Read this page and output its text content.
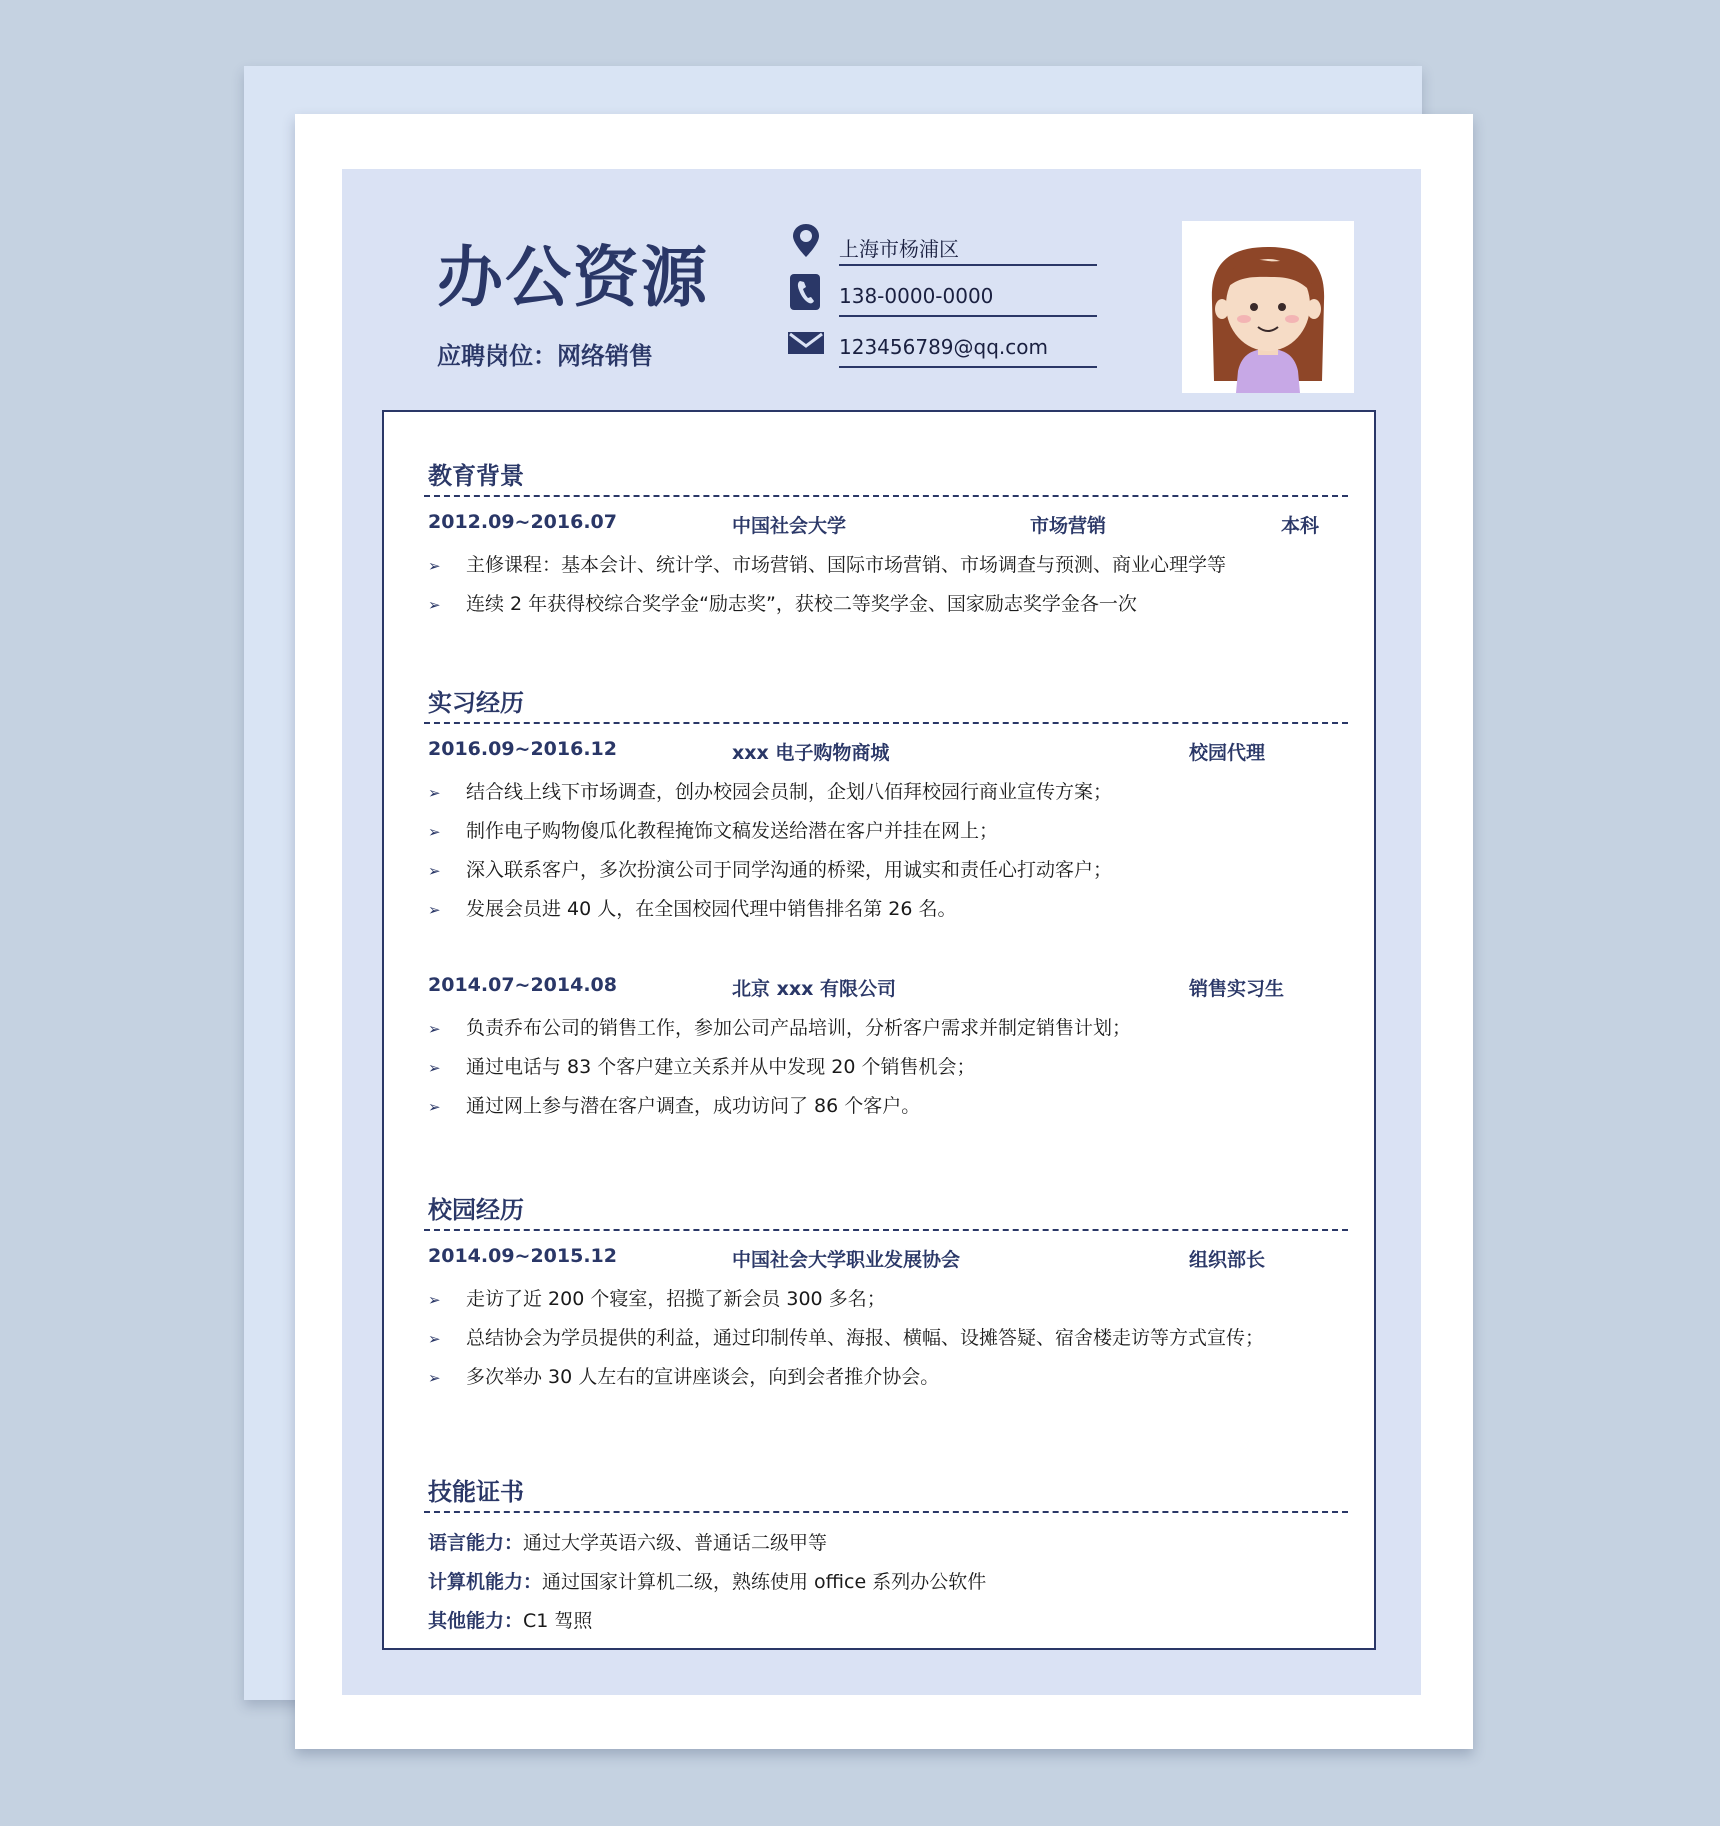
办公资源
应聘岗位：网络销售
上海市杨浦区
138-0000-0000
123456789@qq.com
教育背景
2012.09~2016.07	中国社会大学	市场营销	本科
➢ 主修课程：基本会计、统计学、市场营销、国际市场营销、市场调查与预测、商业心理学等
➢ 连续 2 年获得校综合奖学金“励志奖”，获校二等奖学金、国家励志奖学金各一次
实习经历
2016.09~2016.12	xxx 电子购物商城	校园代理
➢ 结合线上线下市场调查，创办校园会员制，企划八佰拜校园行商业宣传方案；
➢ 制作电子购物傻瓜化教程掩饰文稿发送给潜在客户并挂在网上；
➢ 深入联系客户，多次扮演公司于同学沟通的桥梁，用诚实和责任心打动客户；
➢ 发展会员进 40 人，在全国校园代理中销售排名第 26 名。
2014.07~2014.08	北京 xxx 有限公司	销售实习生
➢ 负责乔布公司的销售工作，参加公司产品培训，分析客户需求并制定销售计划；
➢ 通过电话与 83 个客户建立关系并从中发现 20 个销售机会；
➢ 通过网上参与潜在客户调查，成功访问了 86 个客户。
校园经历
2014.09~2015.12	中国社会大学职业发展协会	组织部长
➢ 走访了近 200 个寝室，招揽了新会员 300 多名；
➢ 总结协会为学员提供的利益，通过印制传单、海报、横幅、设摊答疑、宿舍楼走访等方式宣传；
➢ 多次举办 30 人左右的宣讲座谈会，向到会者推介协会。
技能证书
语言能力：通过大学英语六级、普通话二级甲等
计算机能力：通过国家计算机二级，熟练使用 office 系列办公软件
其他能力：C1 驾照
